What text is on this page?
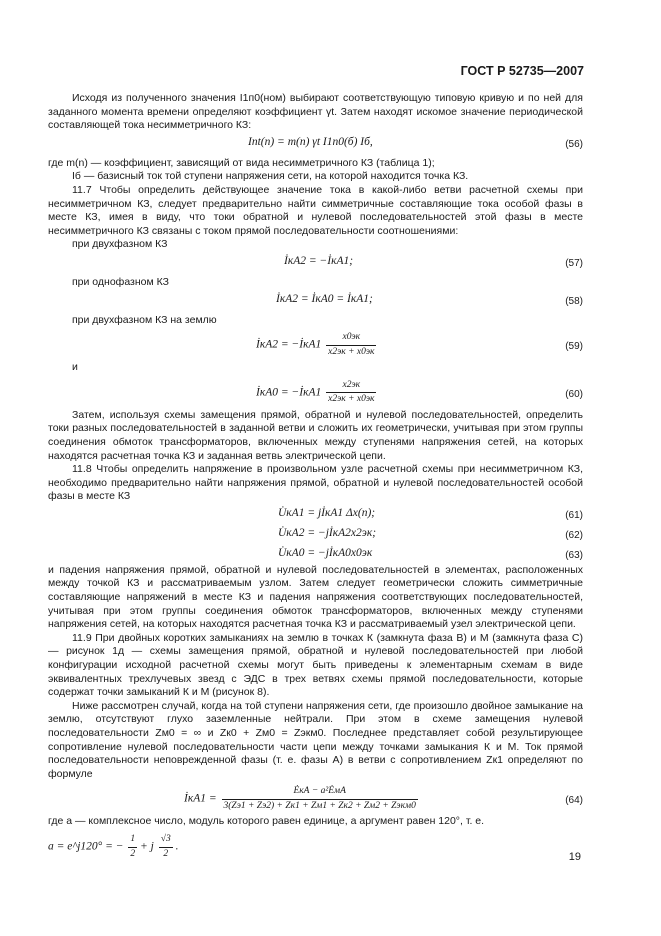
ГОСТ Р 52735—2007

Исходя из полученного значения I1п0(ном) выбирают соответствующую типовую кривую и по ней для заданного момента времени определяют коэффициент γt. Затем находят искомое значение периодической составляющей тока несимметричного КЗ:

Iпt(n) = m(n) γt I1п0(б) Iб,	(56)

где m(n) — коэффициент, зависящий от вида несимметричного КЗ (таблица 1);

Iб — базисный ток той ступени напряжения сети, на которой находится точка КЗ.

11.7 Чтобы определить действующее значение тока в какой-либо ветви расчетной схемы при несимметричном КЗ, следует предварительно найти симметричные составляющие тока особой фазы в месте КЗ, имея в виду, что токи обратной и нулевой последовательностей этой фазы в месте несимметричного КЗ связаны с током прямой последовательности соотношениями:

при двухфазном КЗ

İкА2 = −İкА1;	(57)

при однофазном КЗ

İкА2 = İкА0 = İкА1;	(58)

при двухфазном КЗ на землю

İкА2 = −İкА1 $\frac{x0эк}{x2эк + x0эк}$	(59)

и

İкА0 = −İкА1 $\frac{x2эк}{x2эк + x0эк}$	(60)

Затем, используя схемы замещения прямой, обратной и нулевой последовательностей, определить токи разных последовательностей в заданной ветви и сложить их геометрически, учитывая при этом группы соединения обмоток трансформаторов, включенных между ступенями напряжения сетей, на которых находятся расчетная точка КЗ и заданная ветвь электрической цепи.

11.8 Чтобы определить напряжение в произвольном узле расчетной схемы при несимметричном КЗ, необходимо предварительно найти напряжения прямой, обратной и нулевой последовательностей особой фазы в месте КЗ

U̇кА1 = jİкА1 Δx(n);	(61)
U̇кА2 = −jİкА2x2эк;	(62)
U̇кА0 = −jİкА0x0эк	(63)

и падения напряжения прямой, обратной и нулевой последовательностей в элементах, расположенных между точкой КЗ и рассматриваемым узлом. Затем следует геометрически сложить симметричные составляющие напряжений в месте КЗ и падения напряжения соответствующих последовательностей, учитывая при этом группы соединения обмоток трансформаторов, включенных между ступенями напряжения сетей, на которых находятся расчетная точка КЗ и рассматриваемый узел электрической цепи.

11.9 При двойных коротких замыканиях на землю в точках К (замкнута фаза В) и М (замкнута фаза С) — рисунок 1д — схемы замещения прямой, обратной и нулевой последовательностей при любой конфигурации исходной расчетной схемы могут быть приведены к элементарным схемам в виде эквивалентных трехлучевых звезд с ЭДС в трех ветвях схемы прямой последовательности, которые содержат точки замыканий К и М (рисунок 8).

Ниже рассмотрен случай, когда на той ступени напряжения сети, где произошло двойное замыкание на землю, отсутствуют глухо заземленные нейтрали. При этом в схеме замещения нулевой последовательности Zм0 = ∞ и Zк0 + Zм0 = Zэкм0. Последнее представляет собой результирующее сопротивление нулевой последовательности части цепи между точками замыкания К и М. Ток прямой последовательности неповрежденной фазы (т. е. фазы А) в ветви с сопротивлением Zк1 определяют по формуле

İкА1 = $\frac{\text{ĖкА − a²ĖмА}}{\text{3(Zэ1 + Zэ2) + Zк1 + Zм1 + Zк2 + Zм2 + Zэкм0}}$	(64)

где a — комплексное число, модуль которого равен единице, а аргумент равен 120°, т. е.

a = e^j120° = − $\frac{1}{2} + j \frac{√3}{2}$ .
19
